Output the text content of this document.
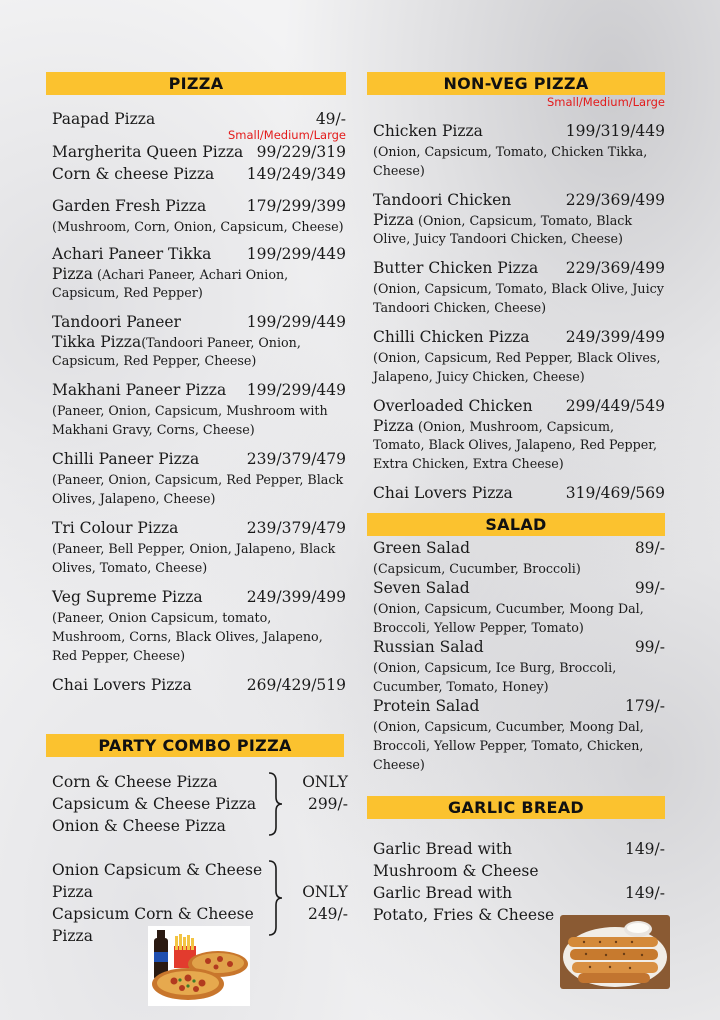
PIZZA
Paapad Pizza	49/-
Small/Medium/Large
Margherita Queen Pizza 99/229/319
Corn & cheese Pizza 149/249/349
Garden Fresh Pizza	179/299/399
(Mushroom, Corn, Onion, Capsicum, Cheese)
Achari Paneer Tikka 199/299/449
Pizza (Achari Paneer, Achari Onion,
Capsicum, Red Pepper)
Tandoori Paneer	199/299/449
Tikka Pizza(Tandoori Paneer, Onion,
Capsicum, Red Pepper, Cheese)
Makhani Paneer Pizza 199/299/449
(Paneer, Onion, Capsicum, Mushroom with Makhani Gravy, Corns, Cheese)
Chilli Paneer Pizza	239/379/479
(Paneer, Onion, Capsicum, Red Pepper, Black Olives, Jalapeno, Cheese)
Tri Colour Pizza	239/379/479
(Paneer, Bell Pepper, Onion, Jalapeno, Black Olives, Tomato, Cheese)
Veg Supreme Pizza	249/399/499
(Paneer, Onion Capsicum, tomato, Mushroom, Corns, Black Olives, Jalapeno, Red Pepper, Cheese)
Chai Lovers Pizza	269/429/519
PARTY COMBO PIZZA
Corn & Cheese Pizza
Capsicum & Cheese Pizza
Onion & Cheese Pizza
ONLY
299/-
Onion Capsicum & Cheese
Pizza
Capsicum Corn & Cheese
Pizza
ONLY
249/-
NON-VEG PIZZA
Small/Medium/Large
Chicken Pizza	199/319/449
(Onion, Capsicum, Tomato, Chicken Tikka, Cheese)
Tandoori Chicken	229/369/499
Pizza (Onion, Capsicum, Tomato, Black
Olive, Juicy Tandoori Chicken, Cheese)
Butter Chicken Pizza 229/369/499
(Onion, Capsicum, Tomato, Black Olive, Juicy Tandoori Chicken, Cheese)
Chilli Chicken Pizza 249/399/499
(Onion, Capsicum, Red Pepper, Black Olives, Jalapeno, Juicy Chicken, Cheese)
Overloaded Chicken 299/449/549
Pizza (Onion, Mushroom, Capsicum,
Tomato, Black Olives, Jalapeno, Red Pepper, Extra Chicken, Extra Cheese)
Chai Lovers Pizza	319/469/569
SALAD
Green Salad	89/-
(Capsicum, Cucumber, Broccoli)
Seven Salad	99/-
(Onion, Capsicum, Cucumber, Moong Dal, Broccoli, Yellow Pepper, Tomato)
Russian Salad	99/-
(Onion, Capsicum, Ice Burg, Broccoli, Cucumber, Tomato, Honey)
Protein Salad	179/-
(Onion, Capsicum, Cucumber, Moong Dal, Broccoli, Yellow Pepper, Tomato, Chicken, Cheese)
GARLIC BREAD
Garlic Bread with	149/-
Mushroom & Cheese
Garlic Bread with	149/-
Potato, Fries & Cheese
